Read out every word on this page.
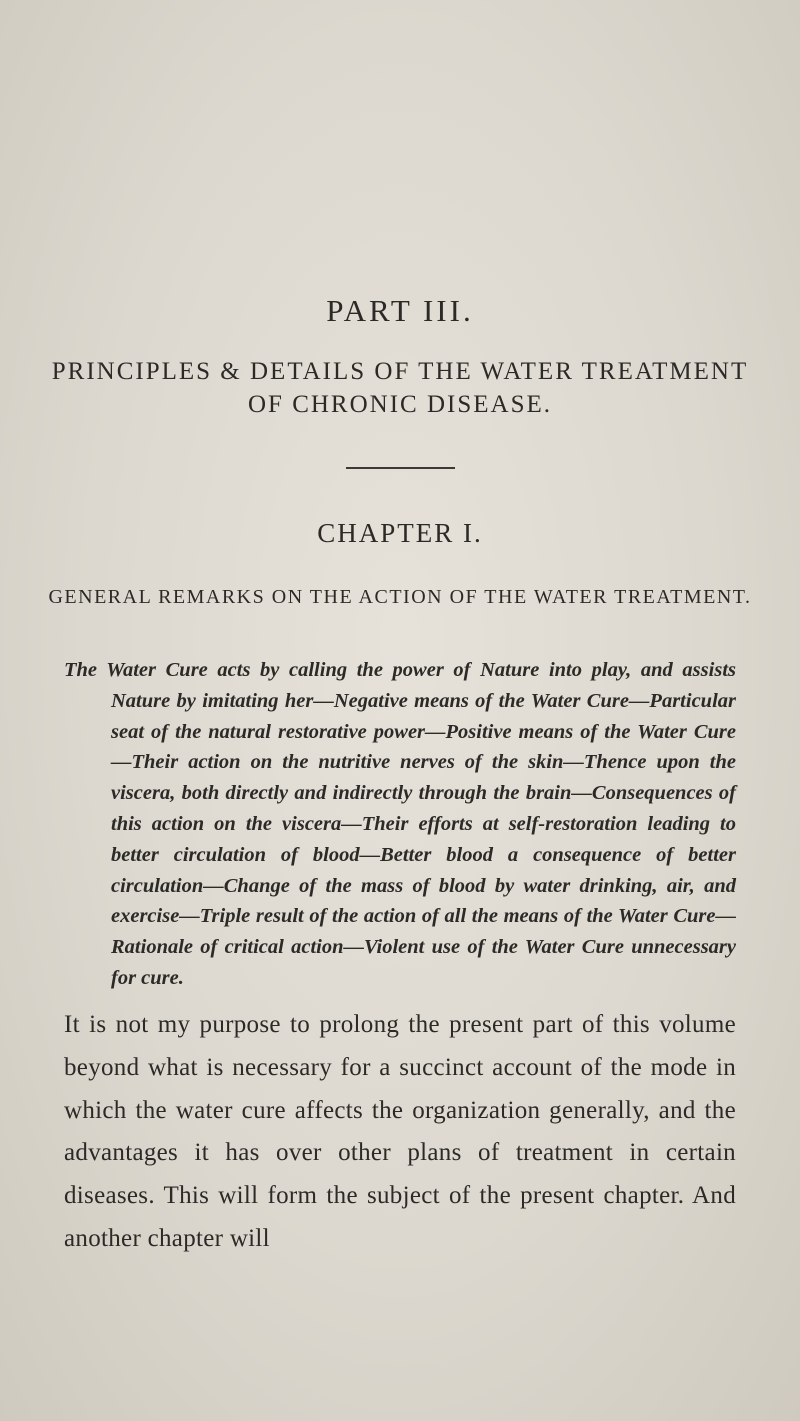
PART III.
PRINCIPLES & DETAILS OF THE WATER TREATMENT OF CHRONIC DISEASE.
CHAPTER I.
GENERAL REMARKS ON THE ACTION OF THE WATER TREATMENT.

The Water Cure acts by calling the power of Nature into play, and assists Nature by imitating her—Negative means of the Water Cure—Particular seat of the natural restorative power—Positive means of the Water Cure—Their action on the nutritive nerves of the skin—Thence upon the viscera, both directly and indirectly through the brain—Consequences of this action on the viscera—Their efforts at self-restoration leading to better circulation of blood—Better blood a consequence of better circulation—Change of the mass of blood by water drinking, air, and exercise—Triple result of the action of all the means of the Water Cure—Rationale of critical action—Violent use of the Water Cure unnecessary for cure.

It is not my purpose to prolong the present part of this volume beyond what is necessary for a succinct account of the mode in which the water cure affects the organization generally, and the advantages it has over other plans of treatment in certain diseases. This will form the subject of the present chapter. And another chapter will
